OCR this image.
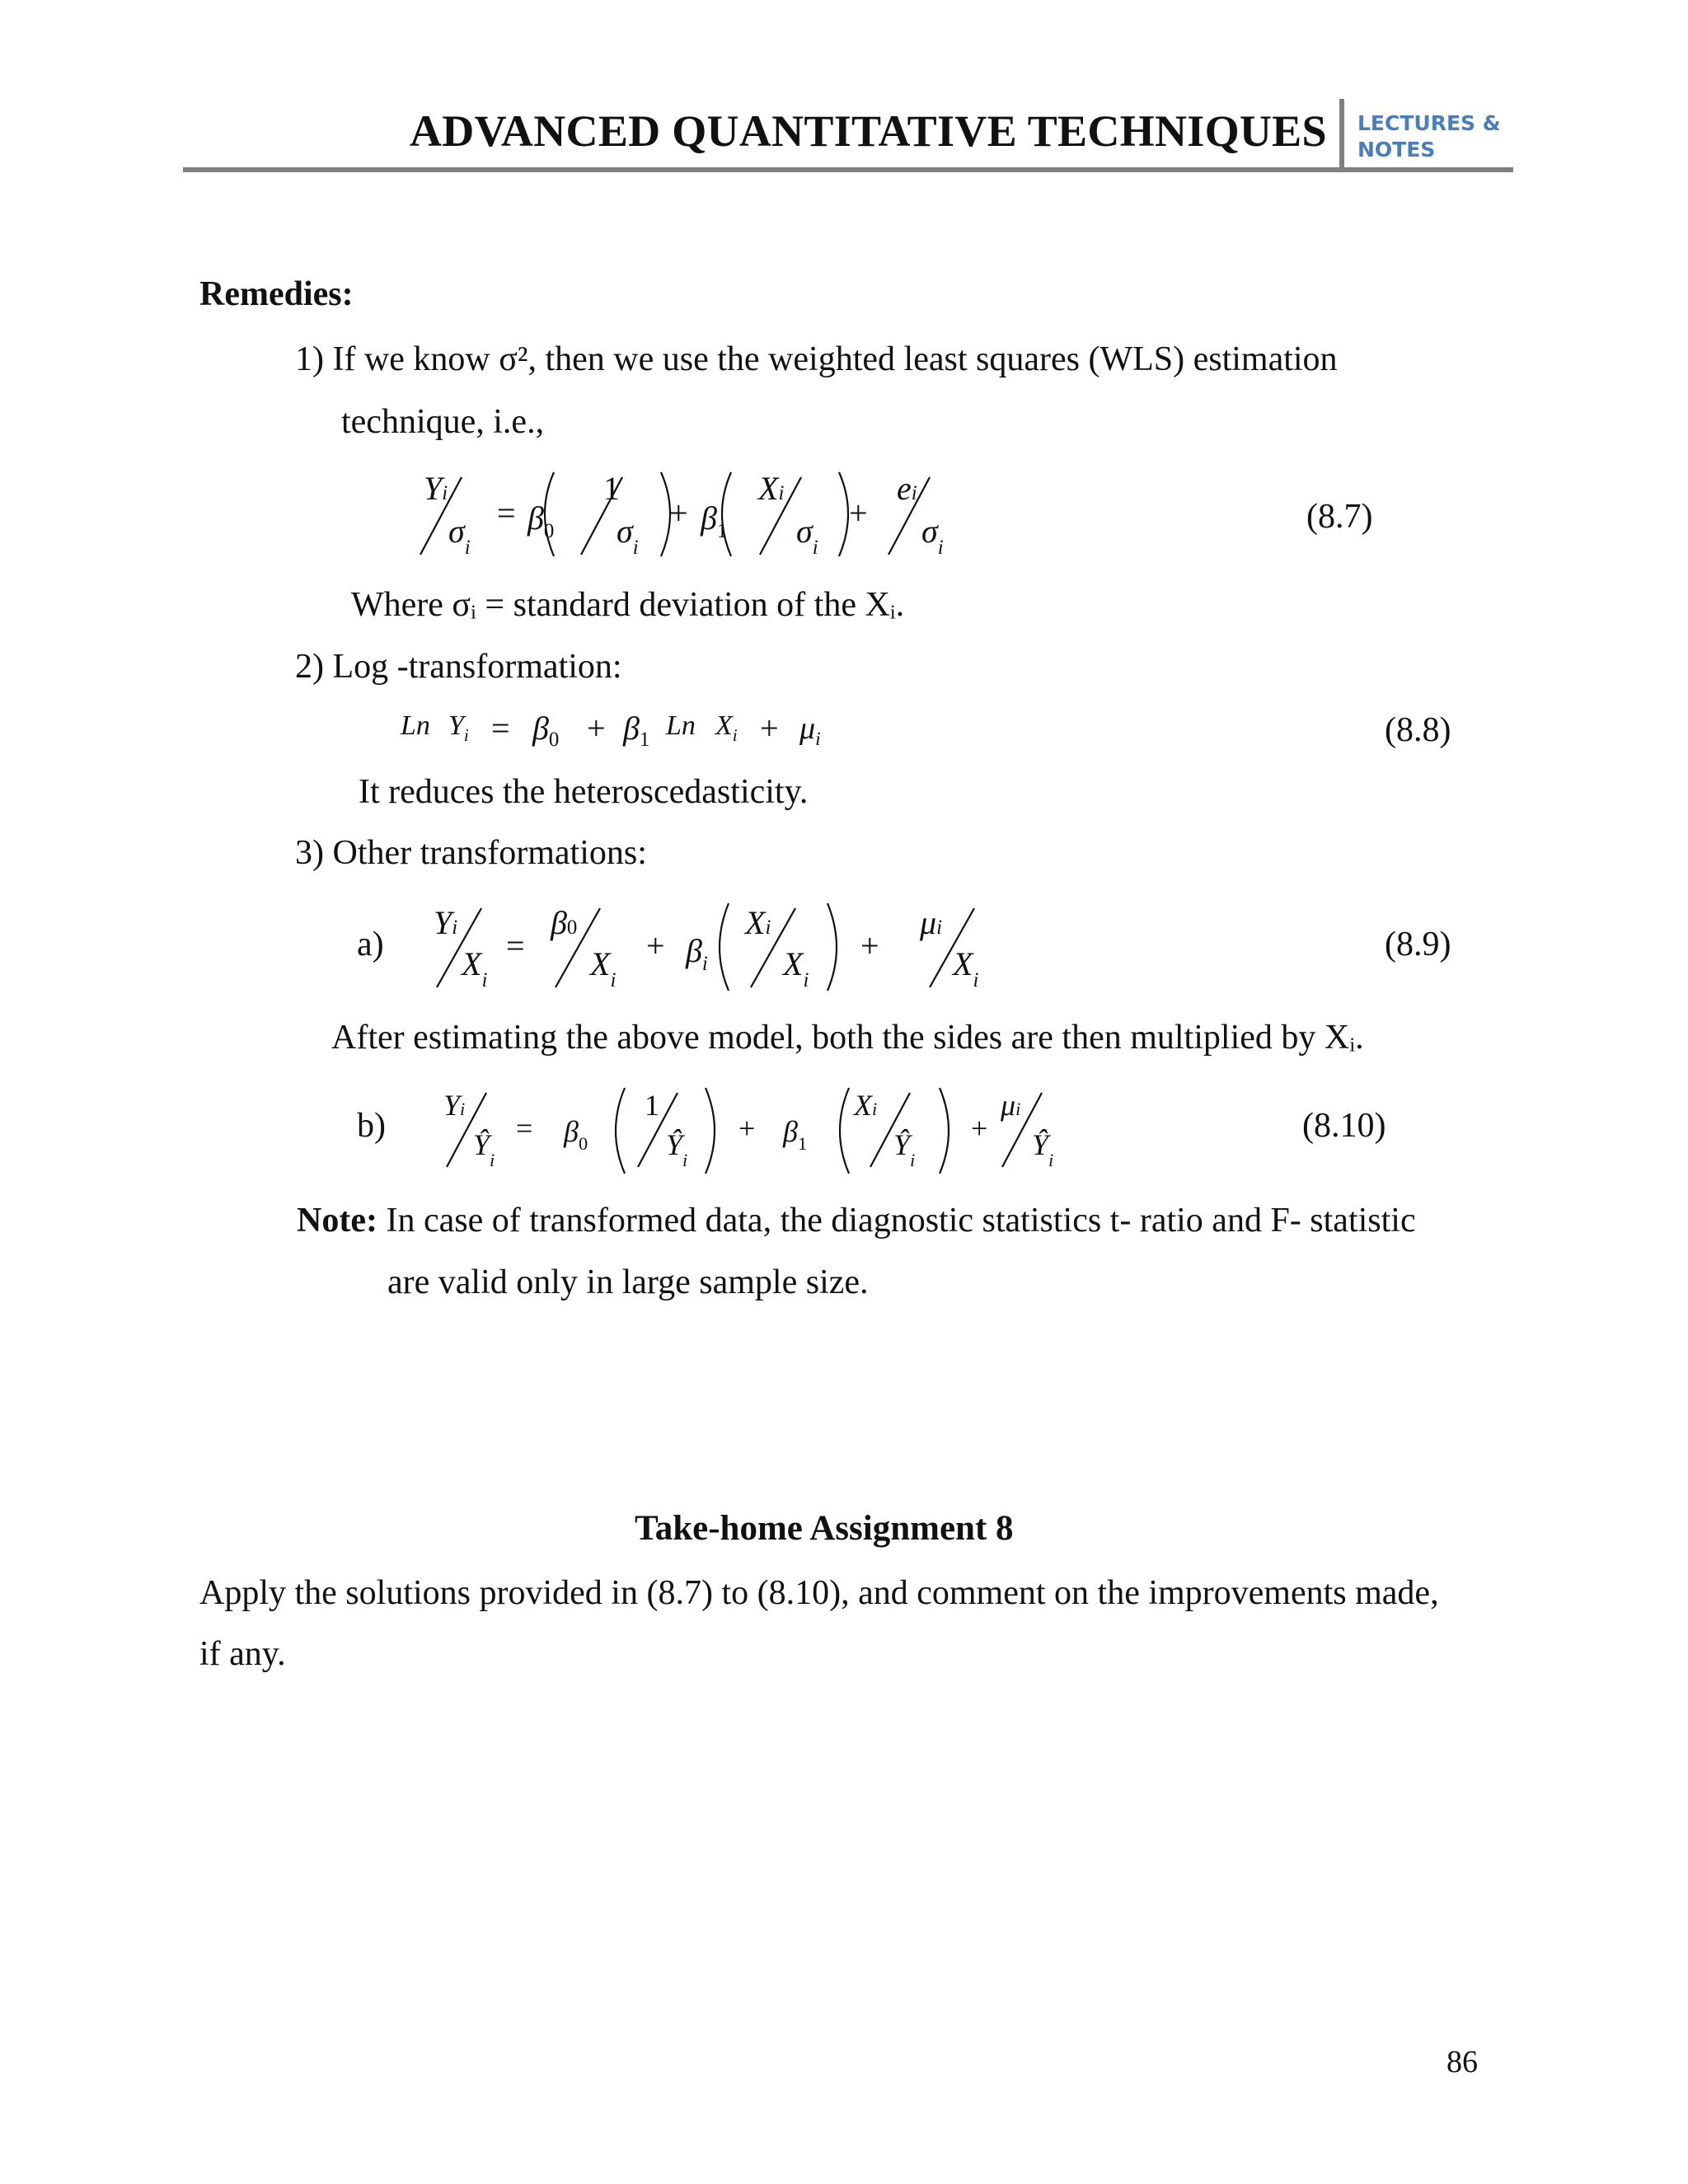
ADVANCED QUANTITATIVE TECHNIQUES LECTURES &
NOTES
Remedies:
1) If we know σ², then we use the weighted least squares (WLS) estimation
technique, i.e.,
Yi
$\sigma_i$
= $\beta_0$
1
$\sigma_i$
+ $\beta_1$
Xi
$\sigma_i$
+
ei
$\sigma_i$
(8.7)
Where σᵢ = standard deviation of the Xᵢ.
2) Log -transformation:
Ln $Y_i = \beta_0 + \beta_1$ Ln $X_i + \mu_i$	(8.8)
It reduces the heteroscedasticity.
3) Other transformations:
a)
Yi
$X_i$
=
β0
$X_i$
+ $\beta_i$
Xi
$X_i$
+
μi
$X_i$
(8.9)
After estimating the above model, both the sides are then multiplied by Xᵢ.
b)
Yi
$Ŷ_i$
= $\beta_0$
1
$Ŷ_i$
+ $\beta_1$
Xi
$Ŷ_i$
+
μi
$Ŷ_i$
(8.10)
Note: In case of transformed data, the diagnostic statistics t- ratio and F- statistic
are valid only in large sample size.
Take-home Assignment 8
Apply the solutions provided in (8.7) to (8.10), and comment on the improvements made,
if any.
86
